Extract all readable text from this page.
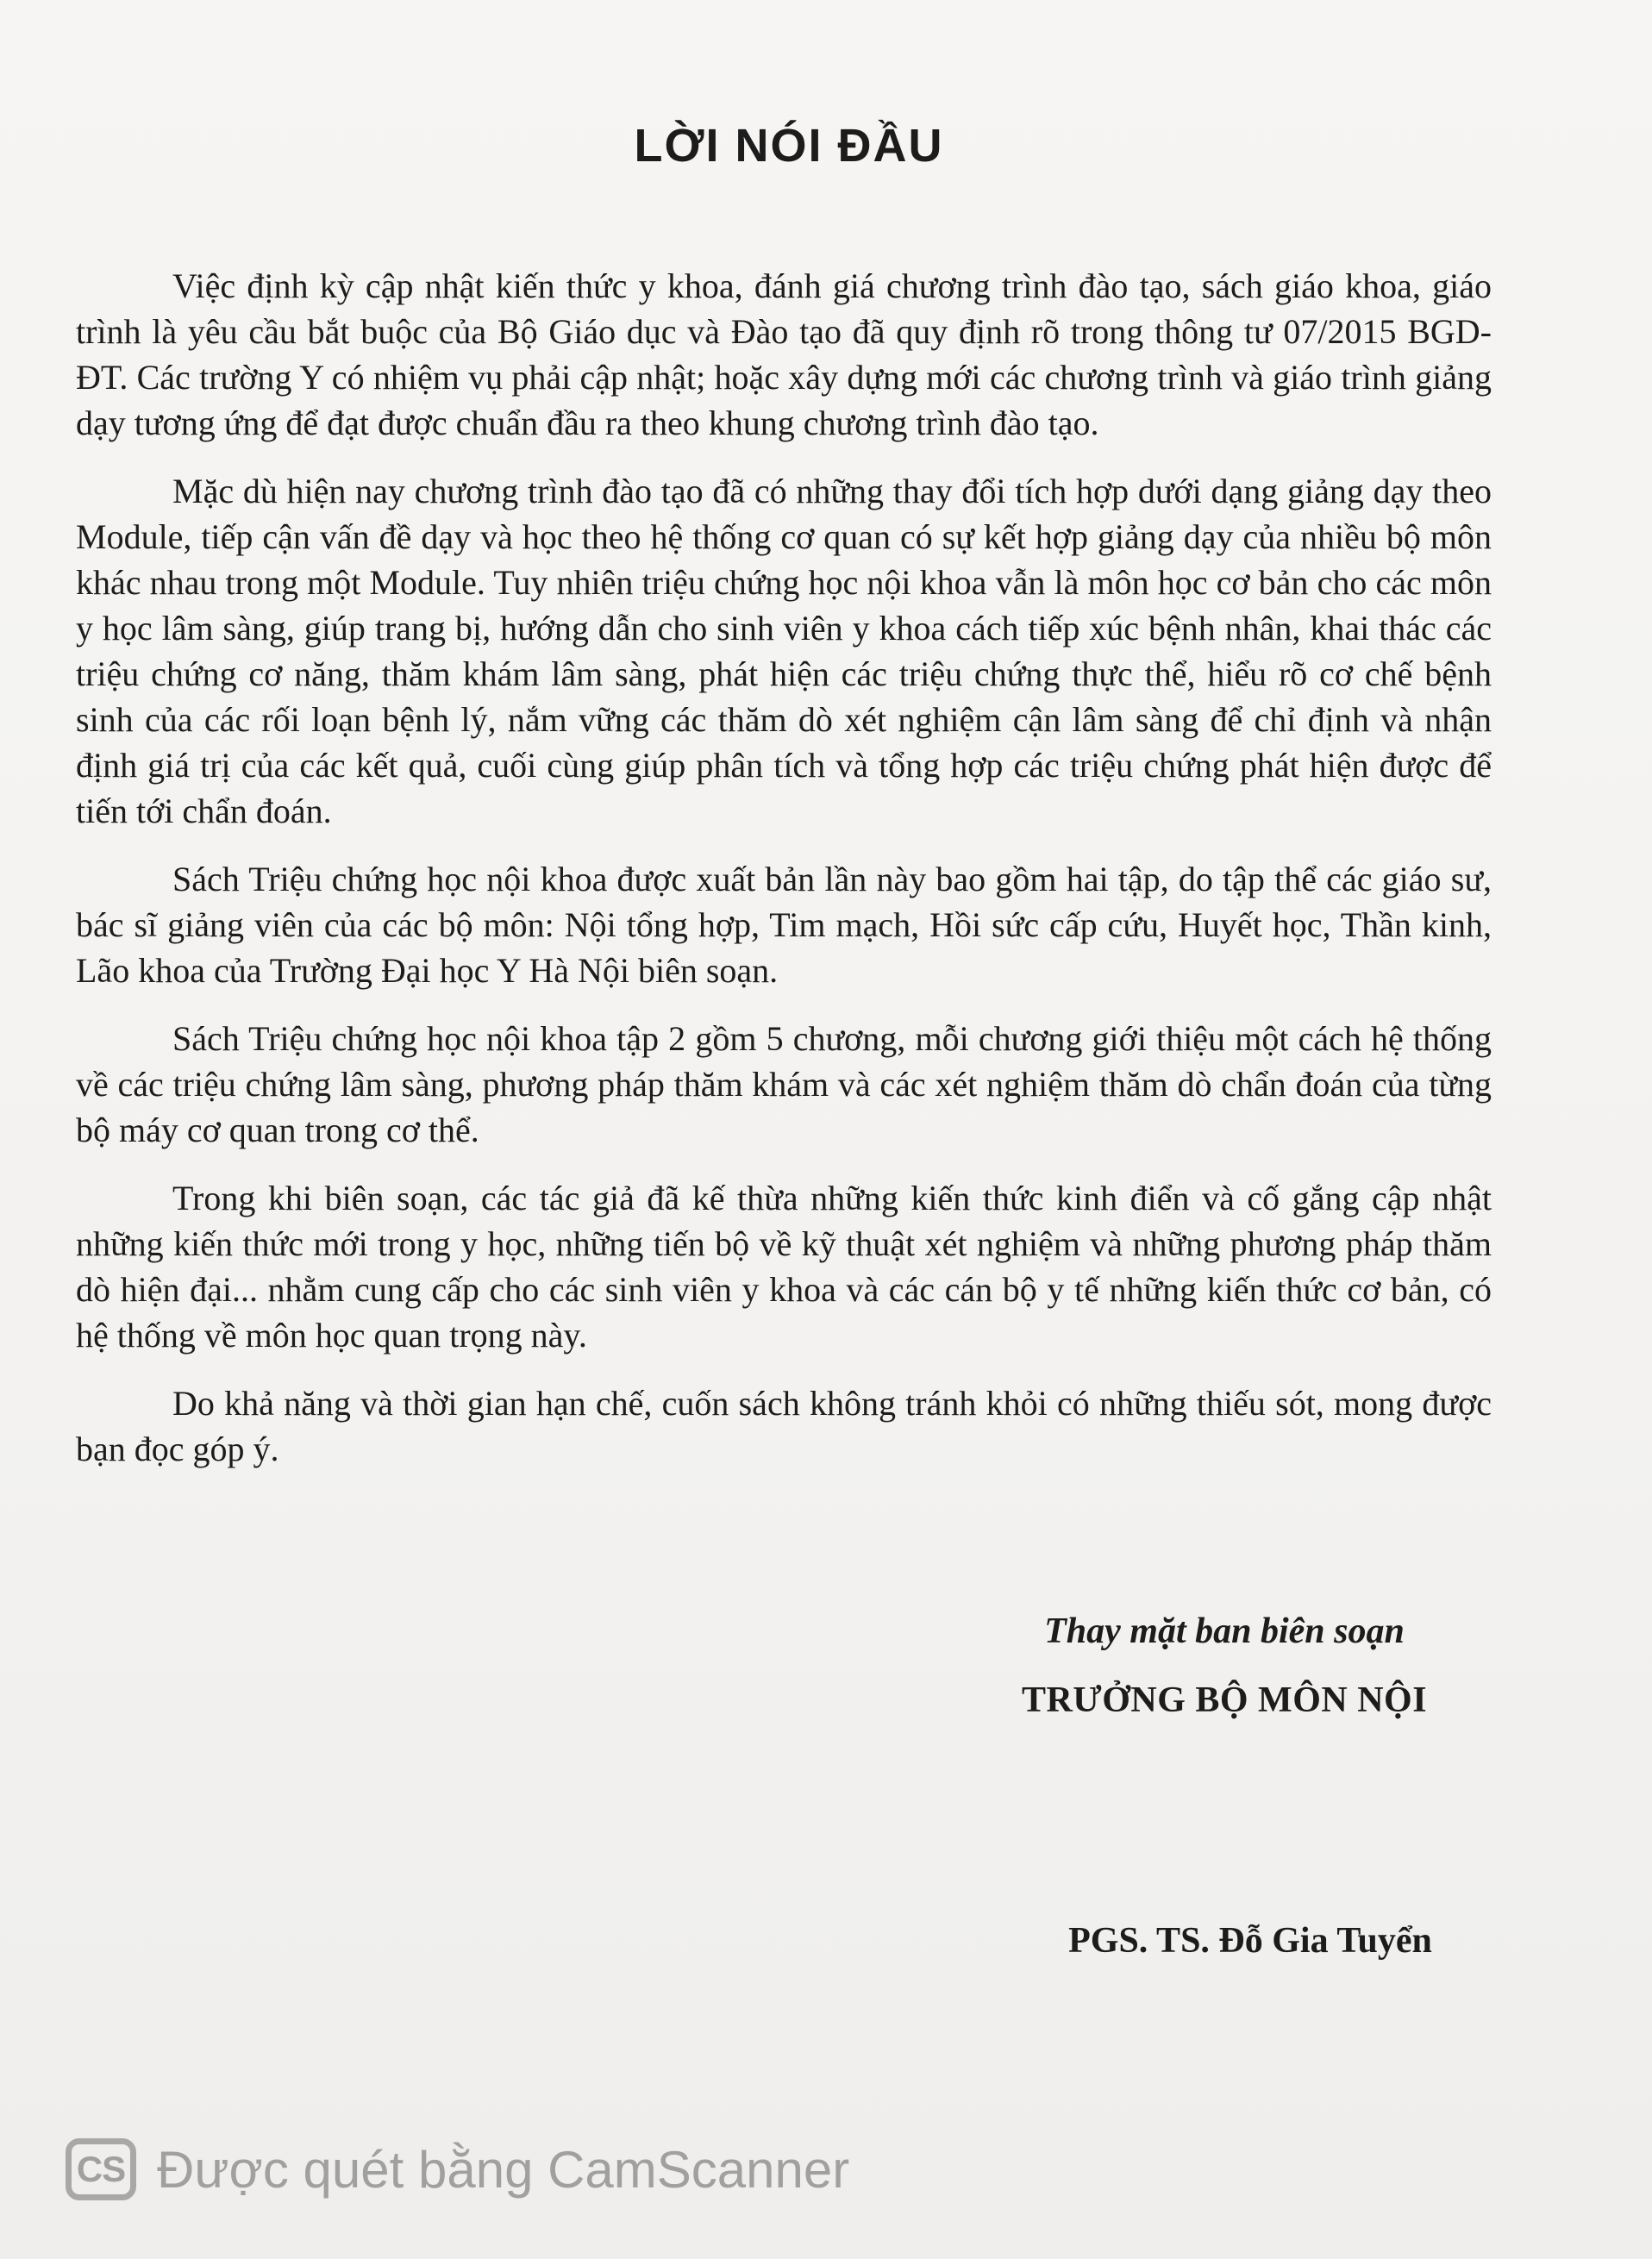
LỜI NÓI ĐẦU

Việc định kỳ cập nhật kiến thức y khoa, đánh giá chương trình đào tạo, sách giáo khoa, giáo trình là yêu cầu bắt buộc của Bộ Giáo dục và Đào tạo đã quy định rõ trong thông tư 07/2015 BGD-ĐT. Các trường Y có nhiệm vụ phải cập nhật; hoặc xây dựng mới các chương trình và giáo trình giảng dạy tương ứng để đạt được chuẩn đầu ra theo khung chương trình đào tạo.

Mặc dù hiện nay chương trình đào tạo đã có những thay đổi tích hợp dưới dạng giảng dạy theo Module, tiếp cận vấn đề dạy và học theo hệ thống cơ quan có sự kết hợp giảng dạy của nhiều bộ môn khác nhau trong một Module. Tuy nhiên triệu chứng học nội khoa vẫn là môn học cơ bản cho các môn y học lâm sàng, giúp trang bị, hướng dẫn cho sinh viên y khoa cách tiếp xúc bệnh nhân, khai thác các triệu chứng cơ năng, thăm khám lâm sàng, phát hiện các triệu chứng thực thể, hiểu rõ cơ chế bệnh sinh của các rối loạn bệnh lý, nắm vững các thăm dò xét nghiệm cận lâm sàng để chỉ định và nhận định giá trị của các kết quả, cuối cùng giúp phân tích và tổng hợp các triệu chứng phát hiện được để tiến tới chẩn đoán.

Sách Triệu chứng học nội khoa được xuất bản lần này bao gồm hai tập, do tập thể các giáo sư, bác sĩ giảng viên của các bộ môn: Nội tổng hợp, Tim mạch, Hồi sức cấp cứu, Huyết học, Thần kinh, Lão khoa của Trường Đại học Y Hà Nội biên soạn.

Sách Triệu chứng học nội khoa tập 2 gồm 5 chương, mỗi chương giới thiệu một cách hệ thống về các triệu chứng lâm sàng, phương pháp thăm khám và các xét nghiệm thăm dò chẩn đoán của từng bộ máy cơ quan trong cơ thể.

Trong khi biên soạn, các tác giả đã kế thừa những kiến thức kinh điển và cố gắng cập nhật những kiến thức mới trong y học, những tiến bộ về kỹ thuật xét nghiệm và những phương pháp thăm dò hiện đại... nhằm cung cấp cho các sinh viên y khoa và các cán bộ y tế những kiến thức cơ bản, có hệ thống về môn học quan trọng này.

Do khả năng và thời gian hạn chế, cuốn sách không tránh khỏi có những thiếu sót, mong được bạn đọc góp ý.

Thay mặt ban biên soạn

TRƯỞNG BỘ MÔN NỘI

PGS. TS. Đỗ Gia Tuyển

CS Được quét bằng CamScanner
